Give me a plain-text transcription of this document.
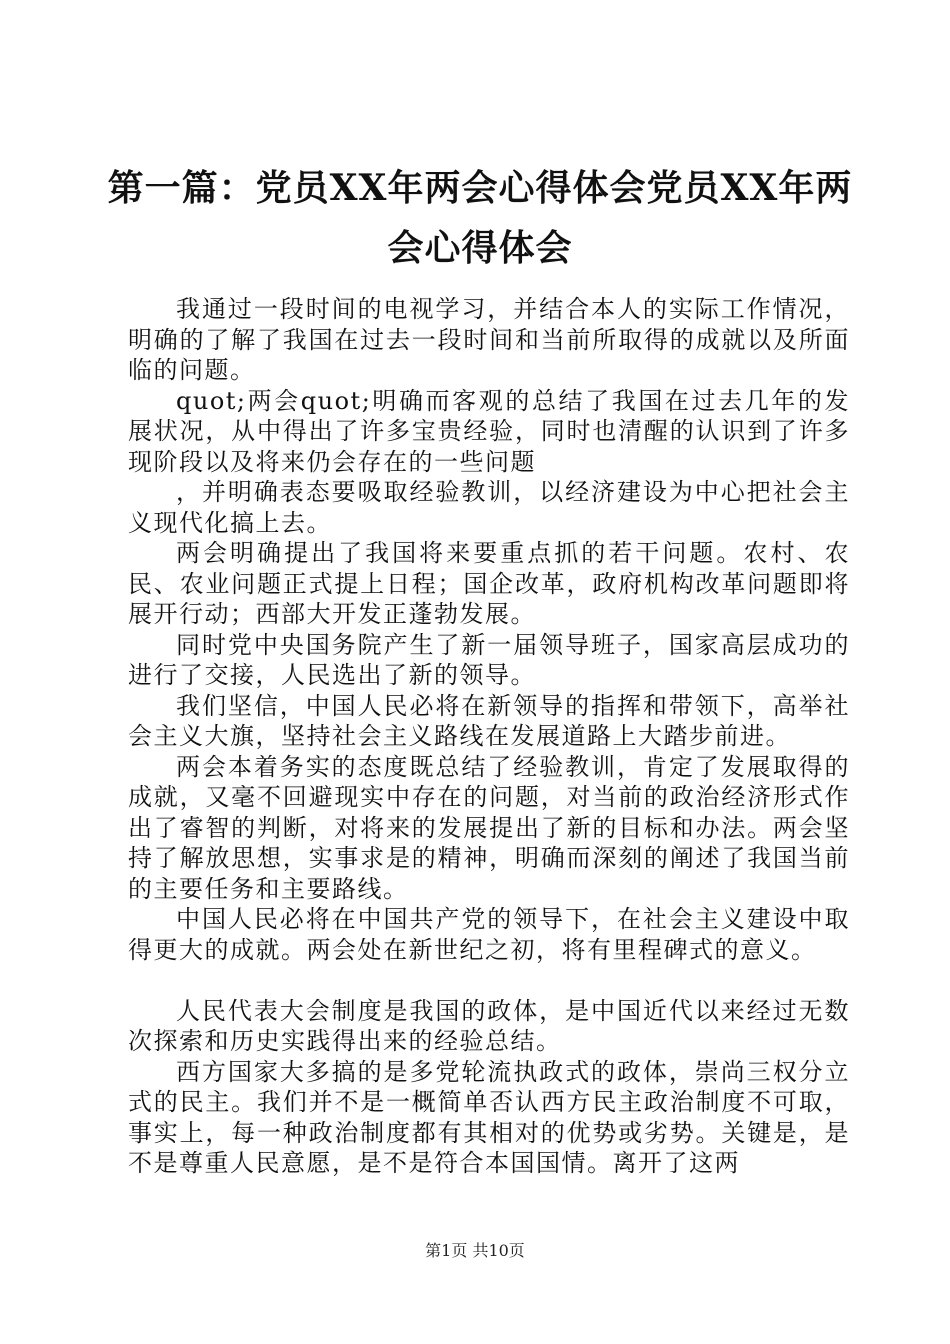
第一篇：党员XX年两会心得体会党员XX年两
会心得体会

我通过一段时间的电视学习，并结合本人的实际工作情况，明确的了解了我国在过去一段时间和当前所取得的成就以及所面临的问题。

quot;两会quot;明确而客观的总结了我国在过去几年的发展状况，从中得出了许多宝贵经验，同时也清醒的认识到了许多现阶段以及将来仍会存在的一些问题

，并明确表态要吸取经验教训，以经济建设为中心把社会主义现代化搞上去。

两会明确提出了我国将来要重点抓的若干问题。农村、农民、农业问题正式提上日程；国企改革，政府机构改革问题即将展开行动；西部大开发正蓬勃发展。

同时党中央国务院产生了新一届领导班子，国家高层成功的进行了交接，人民选出了新的领导。

我们坚信，中国人民必将在新领导的指挥和带领下，高举社会主义大旗，坚持社会主义路线在发展道路上大踏步前进。

两会本着务实的态度既总结了经验教训，肯定了发展取得的成就，又毫不回避现实中存在的问题，对当前的政治经济形式作出了睿智的判断，对将来的发展提出了新的目标和办法。两会坚持了解放思想，实事求是的精神，明确而深刻的阐述了我国当前的主要任务和主要路线。

中国人民必将在中国共产党的领导下，在社会主义建设中取得更大的成就。两会处在新世纪之初，将有里程碑式的意义。

人民代表大会制度是我国的政体，是中国近代以来经过无数次探索和历史实践得出来的经验总结。

西方国家大多搞的是多党轮流执政式的政体，崇尚三权分立式的民主。我们并不是一概简单否认西方民主政治制度不可取，事实上，每一种政治制度都有其相对的优势或劣势。关键是，是不是尊重人民意愿，是不是符合本国国情。离开了这两

第1页 共10页
